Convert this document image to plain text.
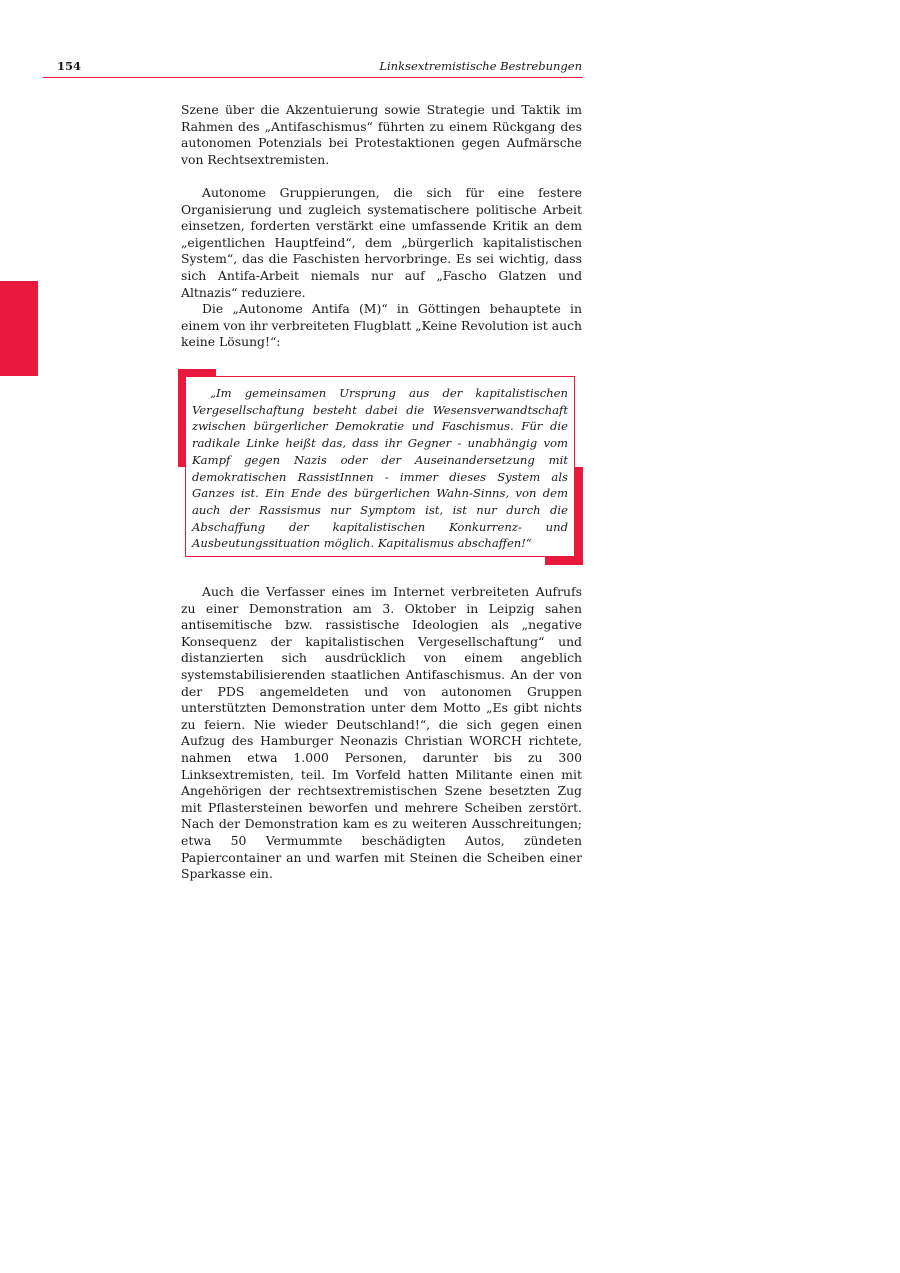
154	Linksextremistische Bestrebungen

Szene über die Akzentuierung sowie Strategie und Taktik im Rahmen des „Antifaschismus“ führten zu einem Rückgang des autonomen Potenzials bei Protestaktionen gegen Aufmärsche von Rechtsextremisten.

Autonome Gruppierungen, die sich für eine festere Organisierung und zugleich systematischere politische Arbeit einsetzen, forderten verstärkt eine umfassende Kritik an dem „eigentlichen Hauptfeind“, dem „bürgerlich kapitalistischen System“, das die Faschisten hervorbringe. Es sei wichtig, dass sich Antifa-Arbeit niemals nur auf „Fascho Glatzen und Altnazis“ reduziere.

Die „Autonome Antifa (M)“ in Göttingen behauptete in einem von ihr verbreiteten Flugblatt „Keine Revolution ist auch keine Lösung!“:

„Im gemeinsamen Ursprung aus der kapitalistischen Vergesellschaftung besteht dabei die Wesensverwandtschaft zwischen bürgerlicher Demokratie und Faschismus. Für die radikale Linke heißt das, dass ihr Gegner - unabhängig vom Kampf gegen Nazis oder der Auseinandersetzung mit demokratischen RassistInnen - immer dieses System als Ganzes ist. Ein Ende des bürgerlichen Wahn-Sinns, von dem auch der Rassismus nur Symptom ist, ist nur durch die Abschaffung der kapitalistischen Konkurrenz- und Ausbeutungssituation möglich. Kapitalismus abschaffen!“

Auch die Verfasser eines im Internet verbreiteten Aufrufs zu einer Demonstration am 3. Oktober in Leipzig sahen antisemitische bzw. rassistische Ideologien als „negative Konsequenz der kapitalistischen Vergesellschaftung“ und distanzierten sich ausdrücklich von einem angeblich systemstabilisierenden staatlichen Antifaschismus. An der von der PDS angemeldeten und von autonomen Gruppen unterstützten Demonstration unter dem Motto „Es gibt nichts zu feiern. Nie wieder Deutschland!“, die sich gegen einen Aufzug des Hamburger Neonazis Christian WORCH richtete, nahmen etwa 1.000 Personen, darunter bis zu 300 Linksextremisten, teil. Im Vorfeld hatten Militante einen mit Angehörigen der rechtsextremistischen Szene besetzten Zug mit Pflastersteinen beworfen und mehrere Scheiben zerstört. Nach der Demonstration kam es zu weiteren Ausschreitungen; etwa 50 Vermummte beschädigten Autos, zündeten Papiercontainer an und warfen mit Steinen die Scheiben einer Sparkasse ein.
